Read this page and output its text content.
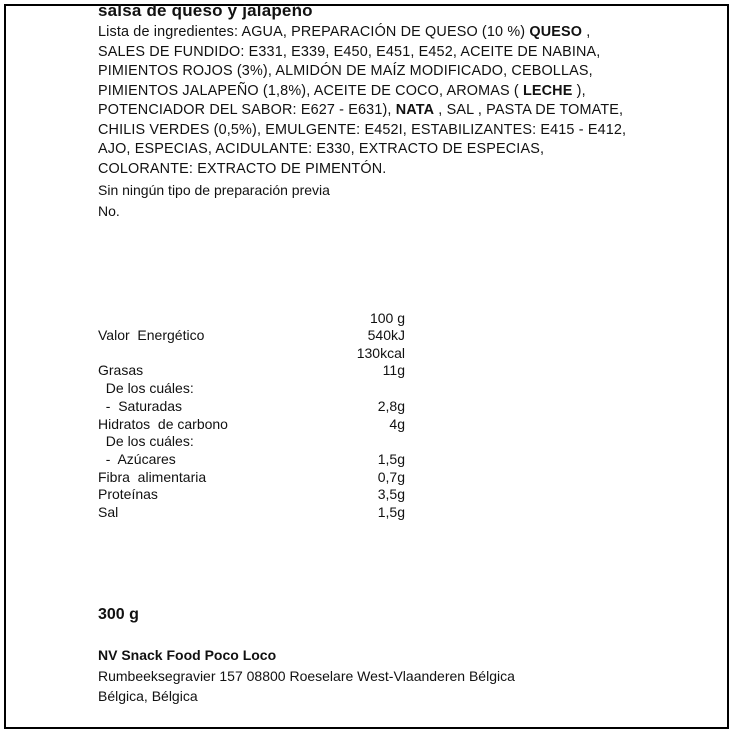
salsa de queso y jalapeño
Lista de ingredientes: AGUA, PREPARACIÓN DE QUESO (10 %) QUESO , SALES DE FUNDIDO: E331, E339, E450, E451, E452, ACEITE DE NABINA, PIMIENTOS ROJOS (3%), ALMIDÓN DE MAÍZ MODIFICADO, CEBOLLAS, PIMIENTOS JALAPEÑO (1,8%), ACEITE DE COCO, AROMAS ( LECHE ), POTENCIADOR DEL SABOR: E627 - E631), NATA , SAL , PASTA DE TOMATE, CHILIS VERDES (0,5%), EMULGENTE: E452I, ESTABILIZANTES: E415 - E412, AJO, ESPECIAS, ACIDULANTE: E330, EXTRACTO DE ESPECIAS, COLORANTE: EXTRACTO DE PIMENTÓN.
Sin ningún tipo de preparación previa
No.
100 g
Valor  Energético	540kJ
130kcal
Grasas	11g
De los cuáles:
-  Saturadas	2,8g
Hidratos  de carbono	4g
De los cuáles:
-  Azúcares	1,5g
Fibra  alimentaria	0,7g
Proteínas	3,5g
Sal	1,5g
300 g
NV Snack Food Poco Loco
Rumbeeksegravier 157 08800 Roeselare West-Vlaanderen Bélgica
Bélgica, Bélgica
